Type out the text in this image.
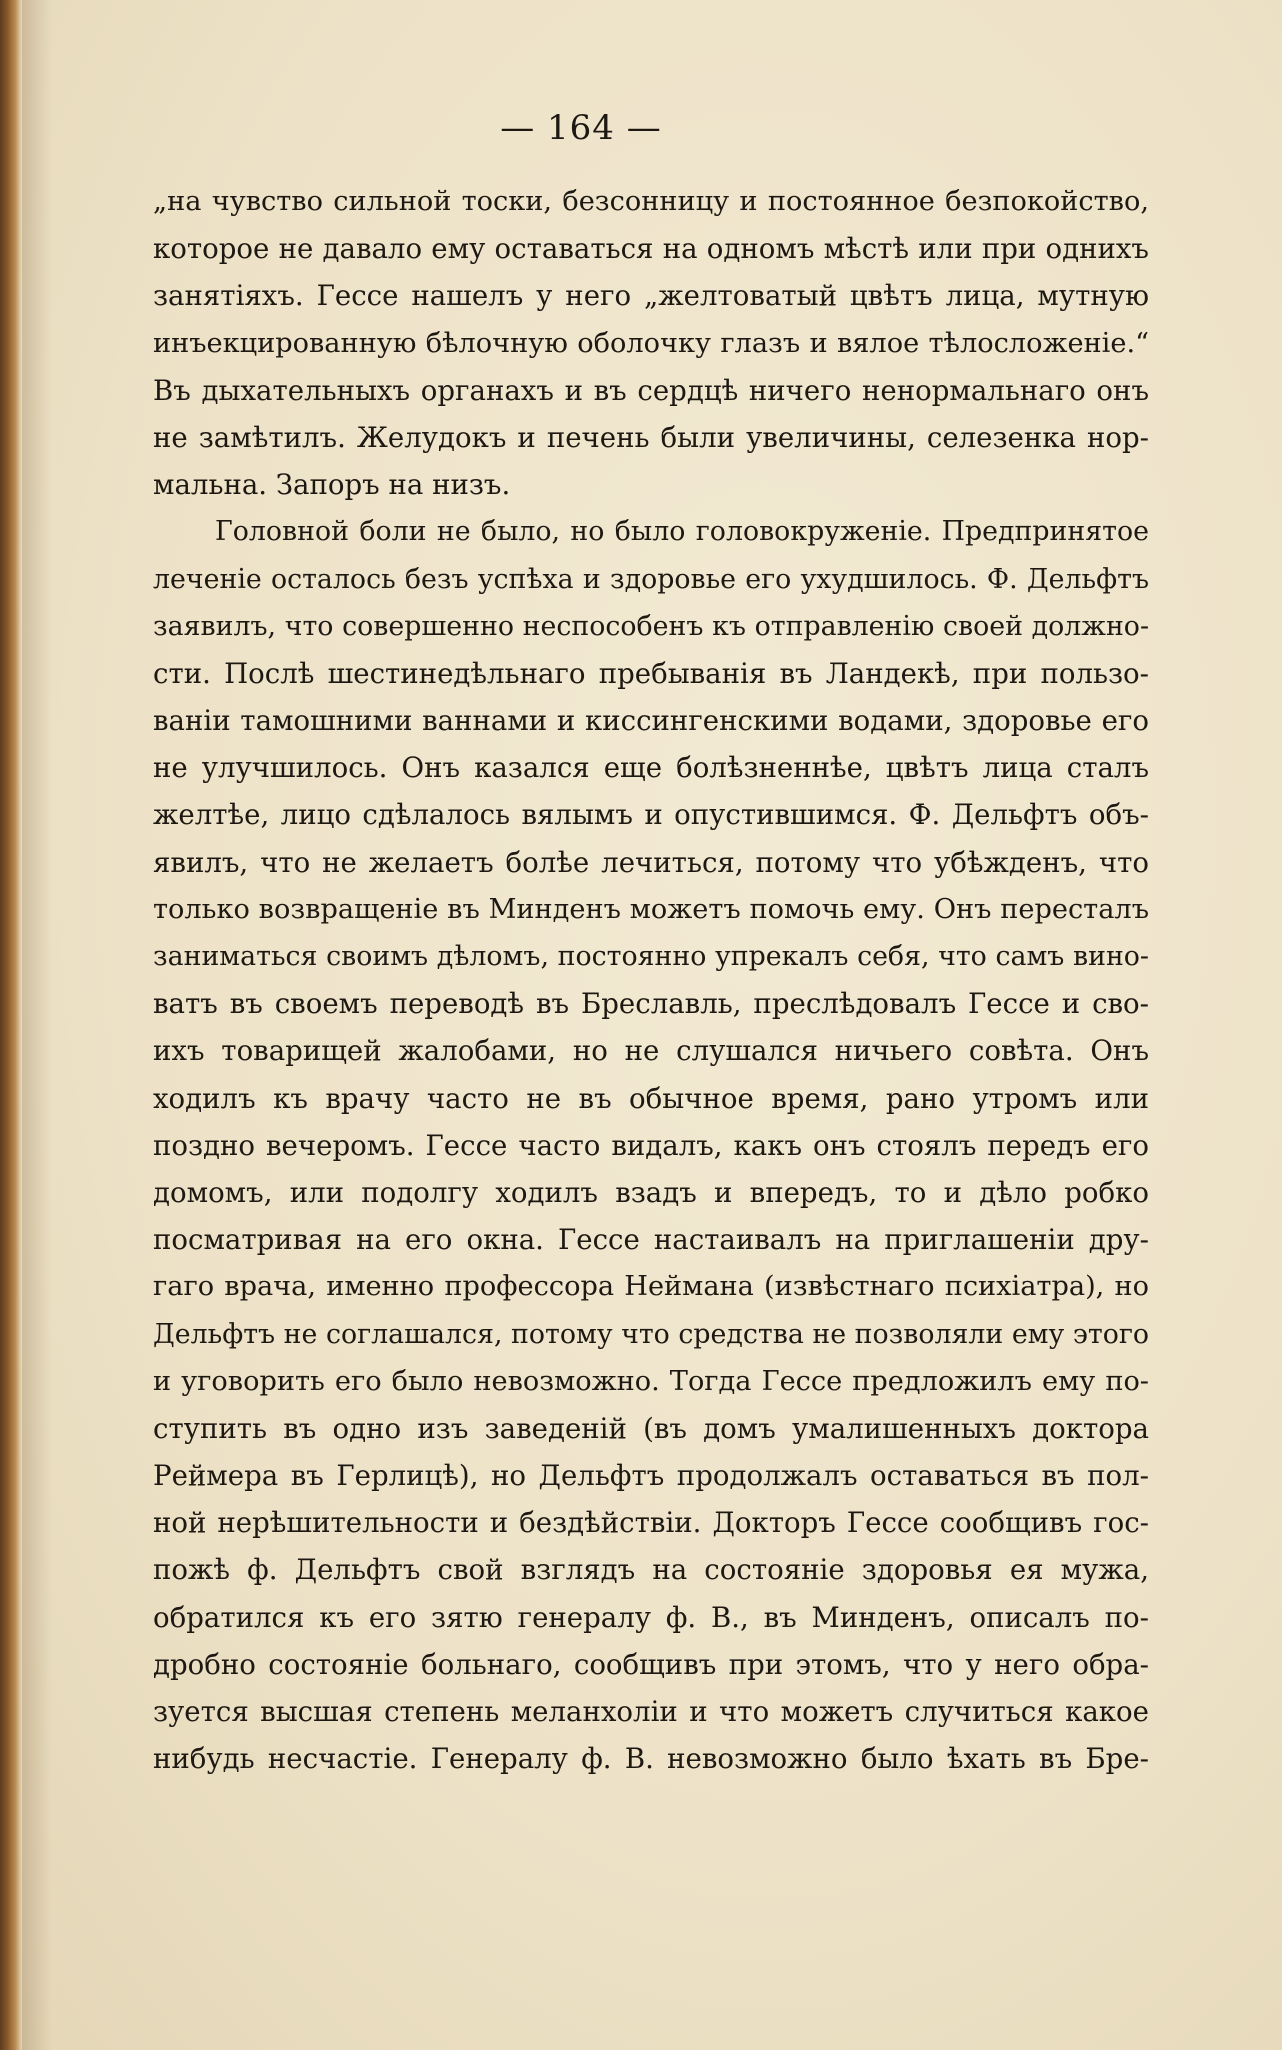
— 164 —
„на чувство сильной тоски, безсонницу и постоянное безпокойство,
которое не давало ему оставаться на одномъ мѣстѣ или при однихъ
занятіяхъ. Гессе нашелъ у него „желтоватый цвѣтъ лица, мутную
инъекцированную бѣлочную оболочку глазъ и вялое тѣлосложеніе.“
Въ дыхательныхъ органахъ и въ сердцѣ ничего ненормальнаго онъ
не замѣтилъ. Желудокъ и печень были увеличины, селезенка нор-
мальна. Запоръ на низъ.
Головной боли не было, но было головокруженіе. Предпринятое
леченіе осталось безъ успѣха и здоровье его ухудшилось. Ф. Дельфтъ
заявилъ, что совершенно неспособенъ къ отправленію своей должно-
сти. Послѣ шестинедѣльнаго пребыванія въ Ландекѣ, при пользо-
ваніи тамошними ваннами и киссингенскими водами, здоровье его
не улучшилось. Онъ казался еще болѣзненнѣе, цвѣтъ лица сталъ
желтѣе, лицо сдѣлалось вялымъ и опустившимся. Ф. Дельфтъ объ-
явилъ, что не желаетъ болѣе лечиться, потому что убѣжденъ, что
только возвращеніе въ Минденъ можетъ помочь ему. Онъ пересталъ
заниматься своимъ дѣломъ, постоянно упрекалъ себя, что самъ вино-
ватъ въ своемъ переводѣ въ Бреславль, преслѣдовалъ Гессе и сво-
ихъ товарищей жалобами, но не слушался ничьего совѣта. Онъ
ходилъ къ врачу часто не въ обычное время, рано утромъ или
поздно вечеромъ. Гессе часто видалъ, какъ онъ стоялъ передъ его
домомъ, или подолгу ходилъ взадъ и впередъ, то и дѣло робко
посматривая на его окна. Гессе настаивалъ на приглашеніи дру-
гаго врача, именно профессора Неймана (извѣстнаго психіатра), но
Дельфтъ не соглашался, потому что средства не позволяли ему этого
и уговорить его было невозможно. Тогда Гессе предложилъ ему по-
ступить въ одно изъ заведеній (въ домъ умалишенныхъ доктора
Реймера въ Герлицѣ), но Дельфтъ продолжалъ оставаться въ пол-
ной нерѣшительности и бездѣйствіи. Докторъ Гессе сообщивъ гос-
пожѣ ф. Дельфтъ свой взглядъ на состояніе здоровья ея мужа,
обратился къ его зятю генералу ф. В., въ Минденъ, описалъ по-
дробно состояніе больнаго, сообщивъ при этомъ, что у него обра-
зуется высшая степень меланхоліи и что можетъ случиться какое
нибудь несчастіе. Генералу ф. В. невозможно было ѣхать въ Бре-
